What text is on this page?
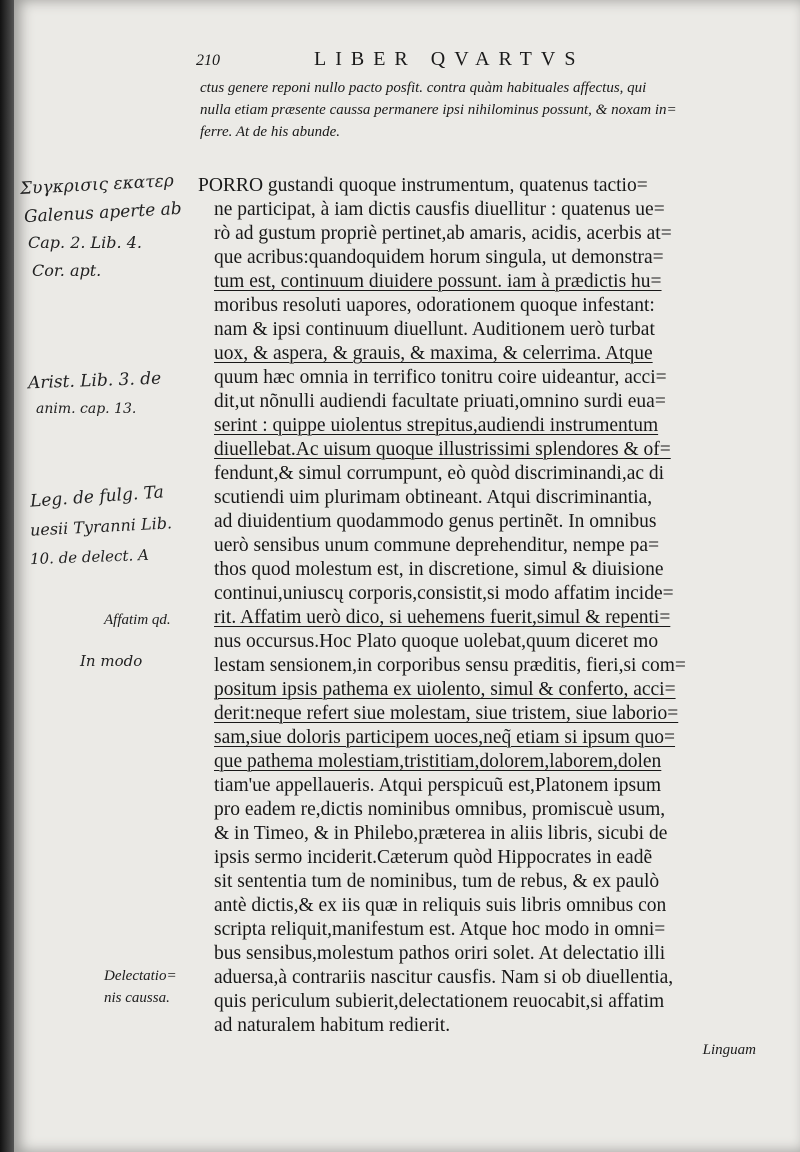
210	LIBER QVARTVS
ctus genere reponi nullo pacto posfit. contra quàm habituales affectus, qui
nulla etiam præsente caussa permanere ipsi nihilominus possunt, & noxam in=
ferre. At de his abunde.
PORRO gustandi quoque instrumentum, quatenus tactio=
ne participat, à iam dictis causfis diuellitur : quatenus ue=
rò ad gustum propriè pertinet,ab amaris, acidis, acerbis at=
que acribus:quandoquidem horum singula, ut demonstra=
tum est, continuum diuidere possunt. iam à prædictis hu=
moribus resoluti uapores, odorationem quoque infestant:
nam & ipsi continuum diuellunt. Auditionem uerò turbat
uox, & aspera, & grauis, & maxima, & celerrima. Atque
quum hæc omnia in terrifico tonitru coire uideantur, acci=
dit,ut nõnulli audiendi facultate priuati,omnino surdi eua=
serint : quippe uiolentus strepitus,audiendi instrumentum
diuellebat.Ac uisum quoque illustrissimi splendores & of=
fendunt,& simul corrumpunt, eò quòd discriminandi,ac di
scutiendi uim plurimam obtineant. Atqui discriminantia,
ad diuidentium quodammodo genus pertinẽt. In omnibus
uerò sensibus unum commune deprehenditur, nempe pa=
thos quod molestum est, in discretione, simul & diuisione
continui,uniuscų corporis,consistit,si modo affatim incide=
rit. Affatim uerò dico, si uehemens fuerit,simul & repenti=
nus occursus.Hoc Plato quoque uolebat,quum diceret mo
lestam sensionem,in corporibus sensu præditis, fieri,si com=
positum ipsis pathema ex uiolento, simul & conferto, acci=
derit:neque refert siue molestam, siue tristem, siue laborio=
sam,siue doloris participem uoces,neq̃ etiam si ipsum quo=
que pathema molestiam,tristitiam,dolorem,laborem,dolen
tiam'ue appellaueris. Atqui perspicuũ est,Platonem ipsum
pro eadem re,dictis nominibus omnibus, promiscuè usum,
& in Timeo, & in Philebo,præterea in aliis libris, sicubi de
ipsis sermo inciderit.Cæterum quòd Hippocrates in eadẽ
sit sententia tum de nominibus, tum de rebus, & ex paulò
antè dictis,& ex iis quæ in reliquis suis libris omnibus con
scripta reliquit,manifestum est. Atque hoc modo in omni=
bus sensibus,molestum pathos oriri solet. At delectatio illi
aduersa,à contrariis nascitur causfis. Nam si ob diuellentia,
quis periculum subierit,delectationem reuocabit,si affatim
ad naturalem habitum redierit.
Affatim qd.
Delectatio=
nis caussa.
Συγκρισις εκατερ
Galenus aperte ab
Cap. 2. Lib. 4.
Cor. apt.
Arist. Lib. 3. de
anim. cap. 13.
Leg. de fulg. Ta
uesii Tyranni Lib.
10. de delect. A
In modo
Linguam
